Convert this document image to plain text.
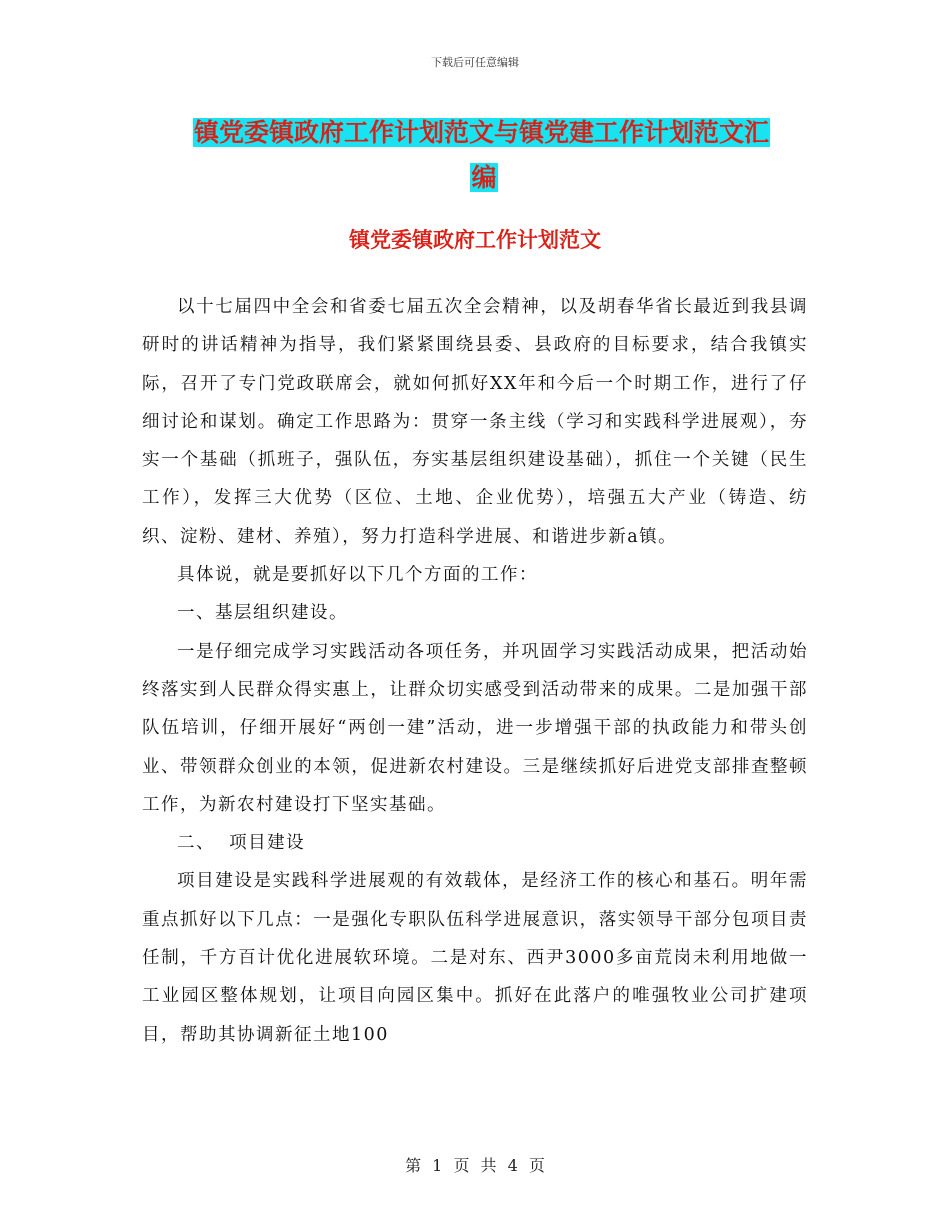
下载后可任意编辑
镇党委镇政府工作计划范文与镇党建工作计划范文汇
编
镇党委镇政府工作计划范文

以十七届四中全会和省委七届五次全会精神，以及胡春华省长最近到我县调研时的讲话精神为指导，我们紧紧围绕县委、县政府的目标要求，结合我镇实际，召开了专门党政联席会，就如何抓好XX年和今后一个时期工作，进行了仔细讨论和谋划。确定工作思路为：贯穿一条主线（学习和实践科学进展观），夯实一个基础（抓班子，强队伍，夯实基层组织建设基础），抓住一个关键（民生工作），发挥三大优势（区位、土地、企业优势），培强五大产业（铸造、纺织、淀粉、建材、养殖），努力打造科学进展、和谐进步新a镇。

具体说，就是要抓好以下几个方面的工作：

一、基层组织建设。

一是仔细完成学习实践活动各项任务，并巩固学习实践活动成果，把活动始终落实到人民群众得实惠上，让群众切实感受到活动带来的成果。二是加强干部队伍培训，仔细开展好“两创一建”活动，进一步增强干部的执政能力和带头创业、带领群众创业的本领，促进新农村建设。三是继续抓好后进党支部排查整顿工作，为新农村建设打下坚实基础。

二、  项目建设

项目建设是实践科学进展观的有效载体，是经济工作的核心和基石。明年需重点抓好以下几点：一是强化专职队伍科学进展意识，落实领导干部分包项目责任制，千方百计优化进展软环境。二是对东、西尹3000多亩荒岗未利用地做一工业园区整体规划，让项目向园区集中。抓好在此落户的唯强牧业公司扩建项目，帮助其协调新征土地100

第 1 页 共 4 页
